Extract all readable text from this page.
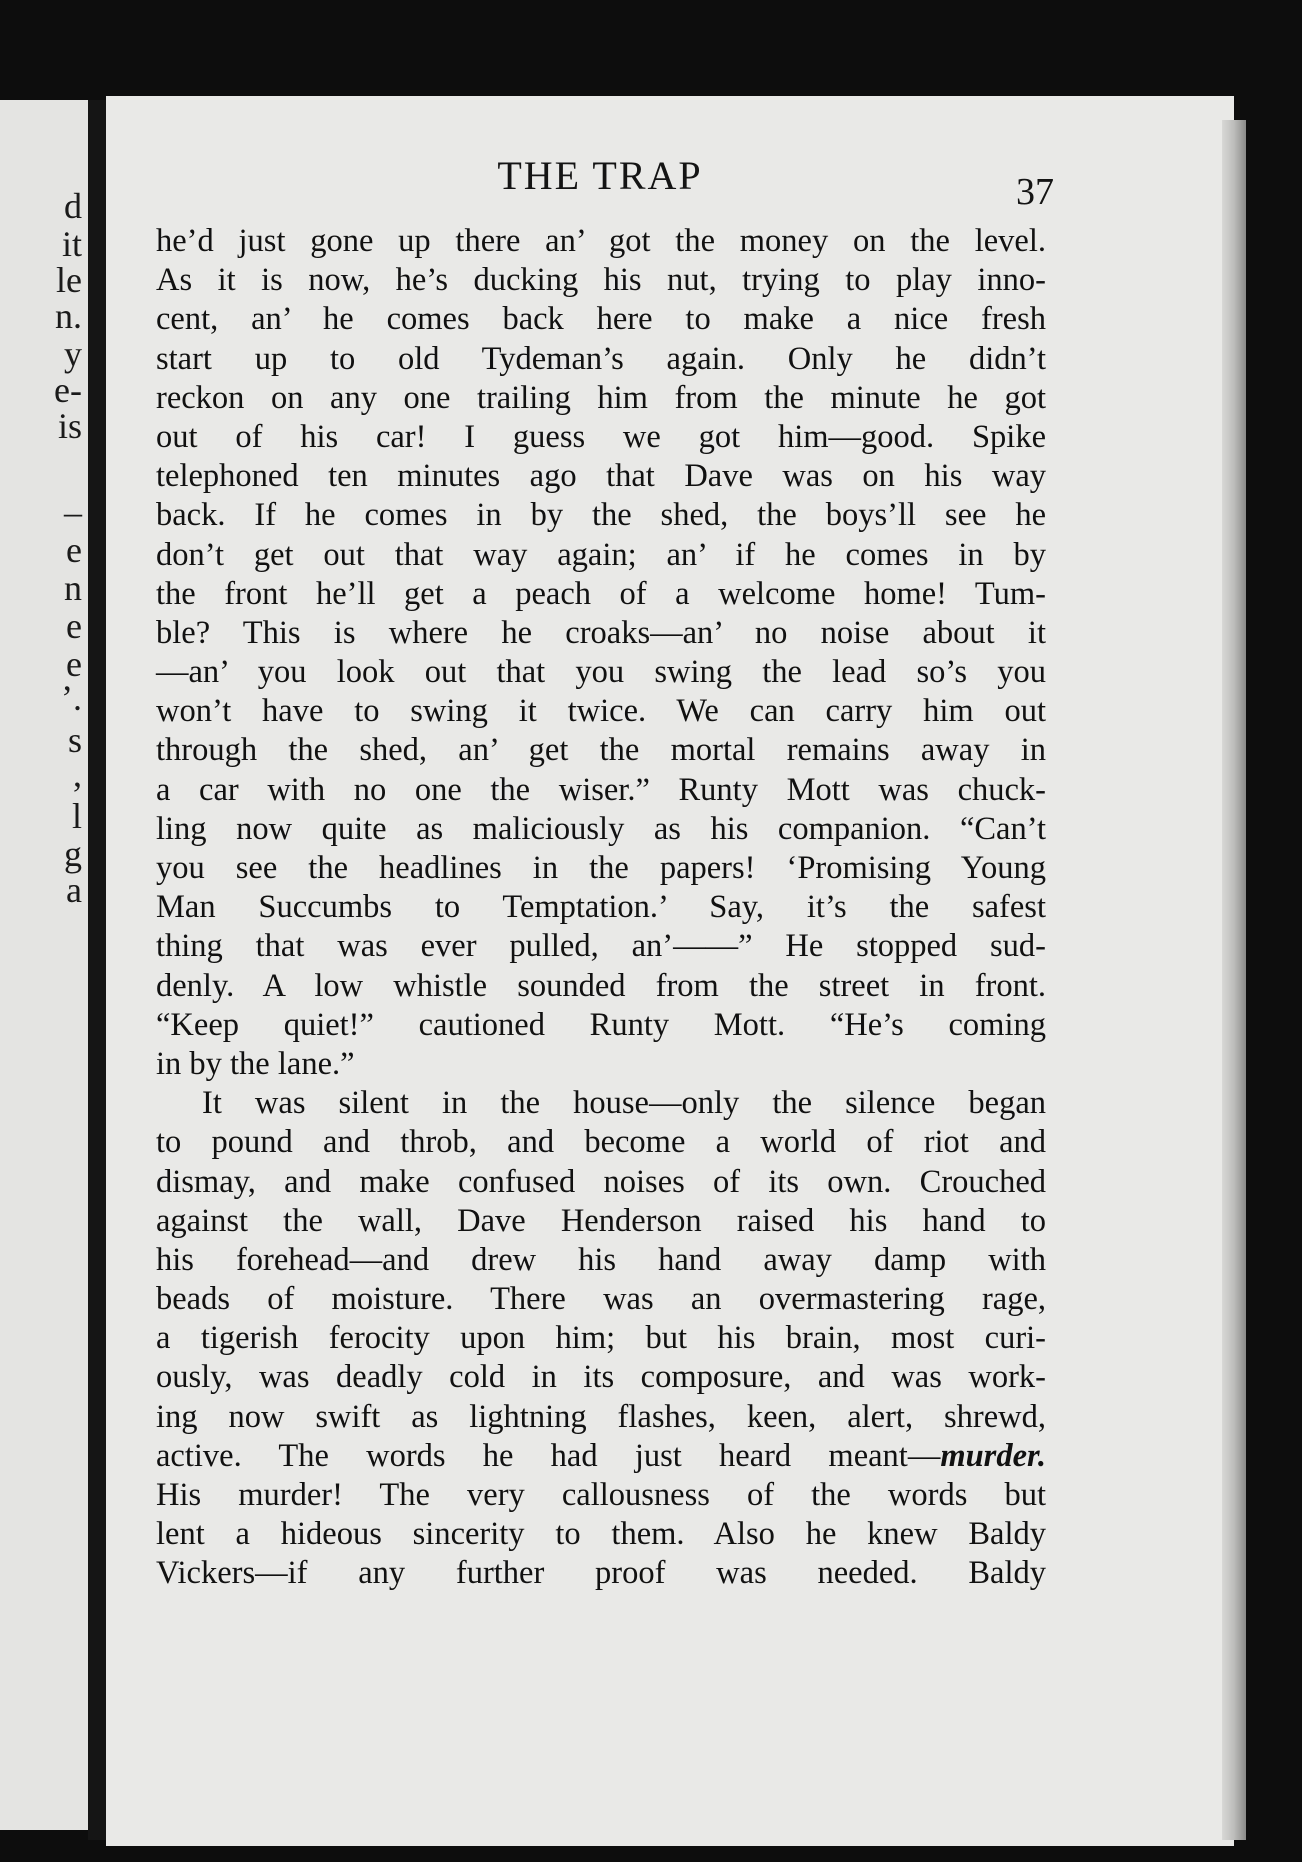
d
it
le
n.
y
e-
is
–
e
n
e
e
’.
s
,
l
g
a
THE TRAP	37
he’d just gone up there an’ got the money on the level.
As it is now, he’s ducking his nut, trying to play inno-
cent, an’ he comes back here to make a nice fresh
start up to old Tydeman’s again. Only he didn’t
reckon on any one trailing him from the minute he got
out of his car! I guess we got him—good. Spike
telephoned ten minutes ago that Dave was on his way
back. If he comes in by the shed, the boys’ll see he
don’t get out that way again; an’ if he comes in by
the front he’ll get a peach of a welcome home! Tum-
ble? This is where he croaks—an’ no noise about it
—an’ you look out that you swing the lead so’s you
won’t have to swing it twice. We can carry him out
through the shed, an’ get the mortal remains away in
a car with no one the wiser.” Runty Mott was chuck-
ling now quite as maliciously as his companion. “Can’t
you see the headlines in the papers! ‘Promising Young
Man Succumbs to Temptation.’ Say, it’s the safest
thing that was ever pulled, an’——” He stopped sud-
denly. A low whistle sounded from the street in front.
“Keep quiet!” cautioned Runty Mott. “He’s coming
in by the lane.”
It was silent in the house—only the silence began
to pound and throb, and become a world of riot and
dismay, and make confused noises of its own. Crouched
against the wall, Dave Henderson raised his hand to
his forehead—and drew his hand away damp with
beads of moisture. There was an overmastering rage,
a tigerish ferocity upon him; but his brain, most curi-
ously, was deadly cold in its composure, and was work-
ing now swift as lightning flashes, keen, alert, shrewd,
active. The words he had just heard meant—murder.
His murder! The very callousness of the words but
lent a hideous sincerity to them. Also he knew Baldy
Vickers—if any further proof was needed. Baldy
